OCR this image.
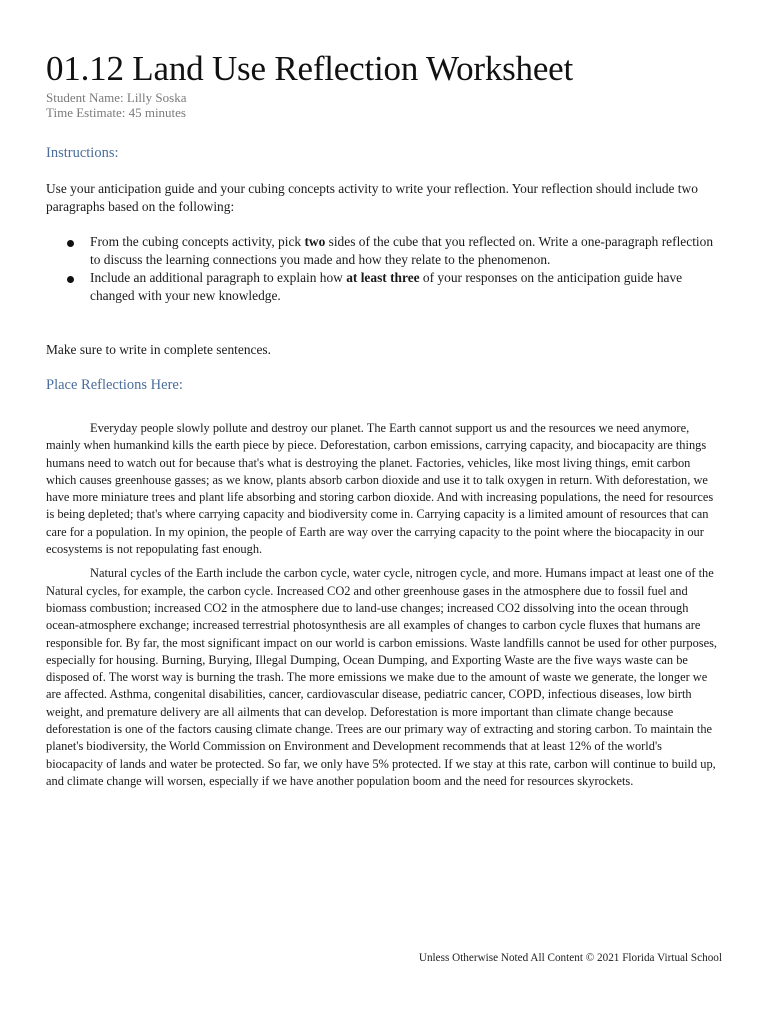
01.12 Land Use Reflection Worksheet
Student Name: Lilly Soska
Time Estimate: 45 minutes
Instructions:
Use your anticipation guide and your cubing concepts activity to write your reflection. Your reflection should include two paragraphs based on the following:
From the cubing concepts activity, pick two sides of the cube that you reflected on. Write a one-paragraph reflection to discuss the learning connections you made and how they relate to the phenomenon.
Include an additional paragraph to explain how at least three of your responses on the anticipation guide have changed with your new knowledge.
Make sure to write in complete sentences.
Place Reflections Here:

Everyday people slowly pollute and destroy our planet. The Earth cannot support us and the resources we need anymore, mainly when humankind kills the earth piece by piece. Deforestation, carbon emissions, carrying capacity, and biocapacity are things humans need to watch out for because that's what is destroying the planet. Factories, vehicles, like most living things, emit carbon which causes greenhouse gasses; as we know, plants absorb carbon dioxide and use it to talk oxygen in return. With deforestation, we have more miniature trees and plant life absorbing and storing carbon dioxide. And with increasing populations, the need for resources is being depleted; that's where carrying capacity and biodiversity come in. Carrying capacity is a limited amount of resources that can care for a population. In my opinion, the people of Earth are way over the carrying capacity to the point where the biocapacity in our ecosystems is not repopulating fast enough.

Natural cycles of the Earth include the carbon cycle, water cycle, nitrogen cycle, and more. Humans impact at least one of the Natural cycles, for example, the carbon cycle. Increased CO2 and other greenhouse gases in the atmosphere due to fossil fuel and biomass combustion; increased CO2 in the atmosphere due to land-use changes; increased CO2 dissolving into the ocean through ocean-atmosphere exchange; increased terrestrial photosynthesis are all examples of changes to carbon cycle fluxes that humans are responsible for. By far, the most significant impact on our world is carbon emissions. Waste landfills cannot be used for other purposes, especially for housing. Burning, Burying, Illegal Dumping, Ocean Dumping, and Exporting Waste are the five ways waste can be disposed of. The worst way is burning the trash. The more emissions we make due to the amount of waste we generate, the longer we are affected. Asthma, congenital disabilities, cancer, cardiovascular disease, pediatric cancer, COPD, infectious diseases, low birth weight, and premature delivery are all ailments that can develop. Deforestation is more important than climate change because deforestation is one of the factors causing climate change. Trees are our primary way of extracting and storing carbon. To maintain the planet's biodiversity, the World Commission on Environment and Development recommends that at least 12% of the world's biocapacity of lands and water be protected. So far, we only have 5% protected. If we stay at this rate, carbon will continue to build up, and climate change will worsen, especially if we have another population boom and the need for resources skyrockets.

Unless Otherwise Noted All Content © 2021 Florida Virtual School
